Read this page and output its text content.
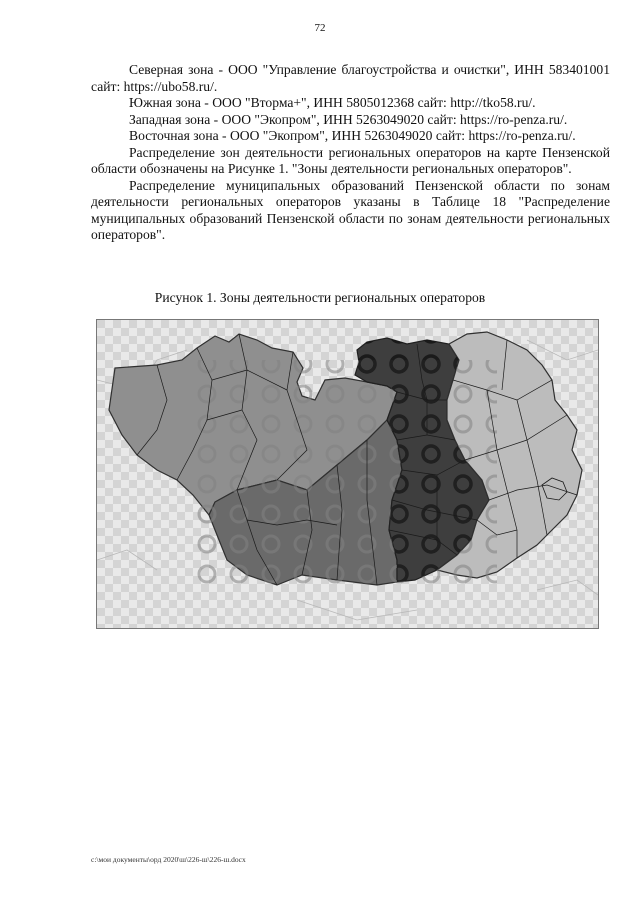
72

Северная зона - ООО "Управление благоустройства и очистки", ИНН 583401001 сайт: https://ubo58.ru/.

Южная зона - ООО "Вторма+", ИНН 5805012368 сайт: http://tko58.ru/.

Западная зона - ООО "Экопром", ИНН 5263049020 сайт: https://ro-penza.ru/.

Восточная зона - ООО "Экопром", ИНН 5263049020 сайт: https://ro-penza.ru/.

Распределение зон деятельности региональных операторов на карте Пензенской области обозначены на Рисунке 1. "Зоны деятельности региональных операторов".

Распределение муниципальных образований Пензенской области по зонам деятельности региональных операторов указаны в Таблице 18 "Распределение муниципальных образований Пензенской области по зонам деятельности региональных операторов".

Рисунок 1. Зоны деятельности региональных операторов
c:\мои документы\орд 2020\ш\226-ш\226-ш.docx
